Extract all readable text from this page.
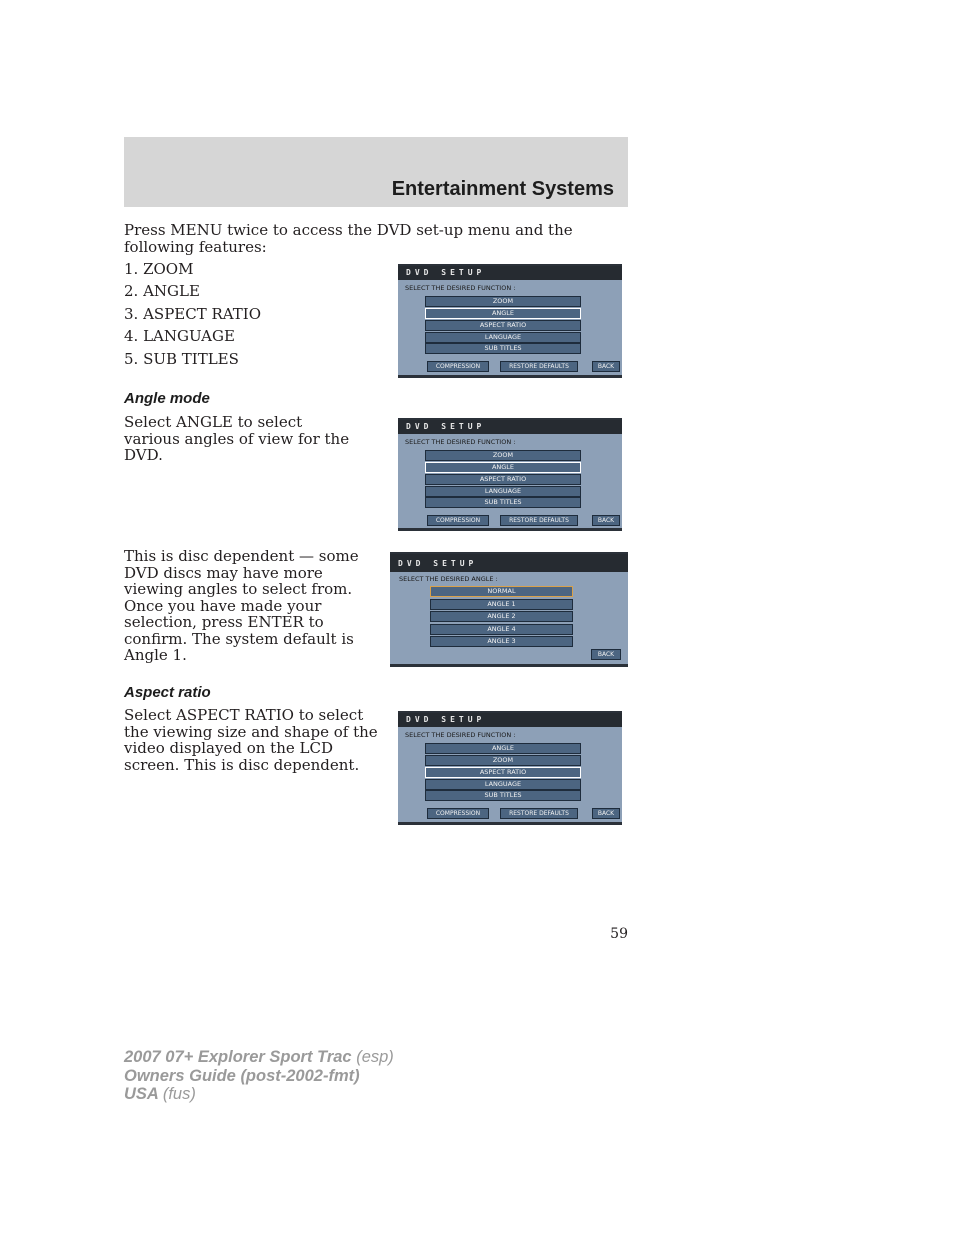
Entertainment Systems
Press MENU twice to access the DVD set-up menu and the following features:
1. ZOOM
2. ANGLE
3. ASPECT RATIO
4. LANGUAGE
5. SUB TITLES
DVD SETUP
SELECT THE DESIRED FUNCTION :
ZOOM
ANGLE
ASPECT RATIO
LANGUAGE
SUB TITLES
COMPRESSION	RESTORE DEFAULTS	BACK
Angle mode
Select ANGLE to select various angles of view for the DVD.
DVD SETUP
SELECT THE DESIRED FUNCTION :
ZOOM
ANGLE
ASPECT RATIO
LANGUAGE
SUB TITLES
COMPRESSION	RESTORE DEFAULTS	BACK
This is disc dependent — some DVD discs may have more viewing angles to select from. Once you have made your selection, press ENTER to confirm. The system default is Angle 1.
DVD SETUP
SELECT THE DESIRED ANGLE :
NORMAL
ANGLE 1
ANGLE 2
ANGLE 4
ANGLE 3
BACK
Aspect ratio
Select ASPECT RATIO to select the viewing size and shape of the video displayed on the LCD screen. This is disc dependent.
DVD SETUP
SELECT THE DESIRED FUNCTION :
ANGLE
ZOOM
ASPECT RATIO
LANGUAGE
SUB TITLES
COMPRESSION	RESTORE DEFAULTS	BACK
59
2007 07+ Explorer Sport Trac (esp)
Owners Guide (post-2002-fmt)
USA (fus)
